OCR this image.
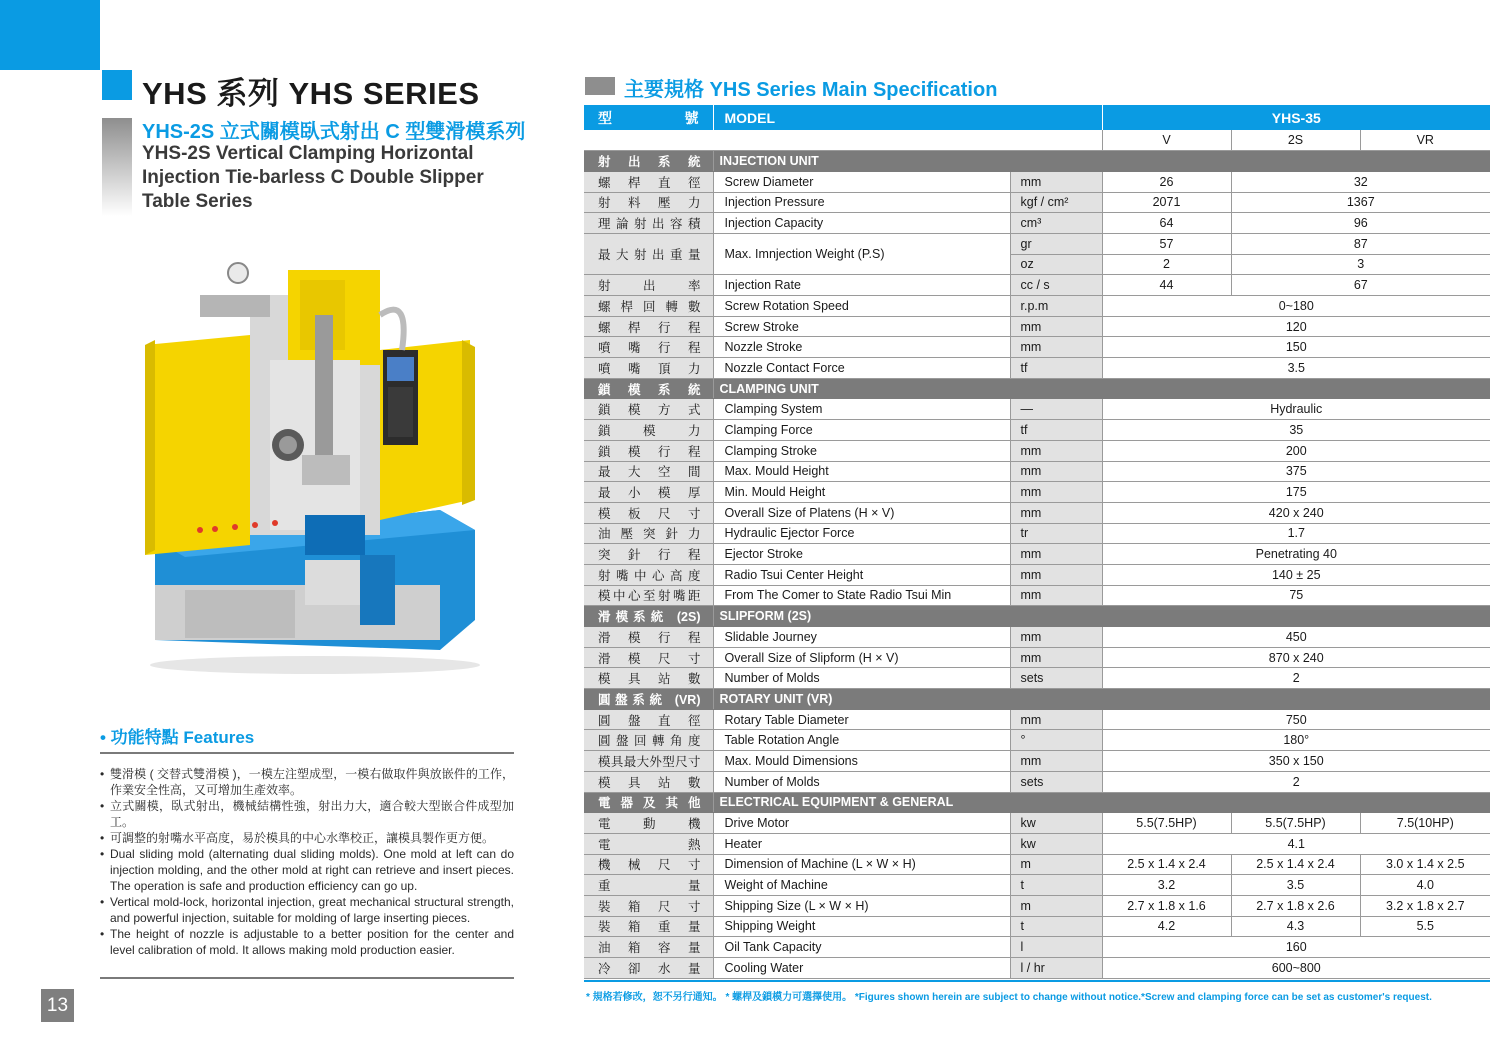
YHS 系列 YHS SERIES
YHS-2S 立式關模臥式射出 C 型雙滑模系列
YHS-2S Vertical Clamping Horizontal Injection Tie-barless C Double Slipper Table Series
• 功能特點 Features
• 雙滑模 ( 交替式雙滑模 )，一模左注塑成型，一模右做取件與放嵌件的工作，作業安全性高，又可增加生產效率。
• 立式關模，臥式射出，機械結構性強，射出力大，適合較大型嵌合件成型加工。
• 可調整的射嘴水平高度，易於模具的中心水準校正，讓模具製作更方便。
• Dual sliding mold (alternating dual sliding molds). One mold at left can do injection molding, and the other mold at right can retrieve and insert pieces. The operation is safe and production efficiency can go up.
• Vertical mold-lock, horizontal injection, great mechanical structural strength, and powerful injection, suitable for molding of large inserting pieces.
• The height of nozzle is adjustable to a better position for the center and level calibration of mold. It allows making mold production easier.
13
主要規格 YHS Series Main Specification
型 號	MODEL		YHS-35		
			V	2S	VR
射 出 系 統	INJECTION UNIT				
螺 桿 直 徑	Screw Diameter	mm	26	32	
射 料 壓 力	Injection Pressure	kgf / cm²	2071	1367	
理論射出容積	Injection Capacity	cm³	64	96	
最大射出重量	Max. Imnjection Weight (P.S)	gr	57	87	
		oz	2	3	
射 出 率	Injection Rate	cc / s	44	67	
螺桿回轉數	Screw Rotation Speed	r.p.m	0~180		
螺 桿 行 程	Screw Stroke	mm	120		
噴 嘴 行 程	Nozzle Stroke	mm	150		
噴 嘴 頂 力	Nozzle Contact Force	tf	3.5		
鎖 模 系 統	CLAMPING UNIT				
鎖 模 方 式	Clamping System	—	Hydraulic		
鎖 模 力	Clamping Force	tf	35		
鎖 模 行 程	Clamping Stroke	mm	200		
最 大 空 間	Max. Mould Height	mm	375		
最 小 模 厚	Min. Mould Height	mm	175		
模 板 尺 寸	Overall Size of Platens (H × V)	mm	420 x 240		
油壓突針力	Hydraulic Ejector Force	tr	1.7		
突 針 行 程	Ejector Stroke	mm	Penetrating 40		
射嘴中心高度	Radio Tsui Center Height	mm	140 ± 25		
模中心至射嘴距	From The Comer to State Radio Tsui Min	mm	75		
滑模系統 (2S)	SLIPFORM (2S)				
滑 模 行 程	Slidable Journey	mm	450		
滑 模 尺 寸	Overall Size of Slipform (H × V)	mm	870 x 240		
模 具 站 數	Number of Molds	sets	2		
圓盤系統 (VR)	ROTARY UNIT (VR)				
圓 盤 直 徑	Rotary Table Diameter	mm	750		
圓盤回轉角度	Table Rotation Angle	°	180°		
模具最大外型尺寸	Max. Mould Dimensions	mm	350 x 150		
模 具 站 數	Number of Molds	sets	2		
電 器 及 其 他	ELECTRICAL EQUIPMENT & GENERAL				
電 動 機	Drive Motor	kw	5.5(7.5HP)	5.5(7.5HP)	7.5(10HP)
電 熱	Heater	kw	4.1		
機 械 尺 寸	Dimension of Machine (L × W × H)	m	2.5 x 1.4 x 2.4	2.5 x 1.4 x 2.4	3.0 x 1.4 x 2.5
重 量	Weight of Machine	t	3.2	3.5	4.0
裝 箱 尺 寸	Shipping Size (L × W × H)	m	2.7 x 1.8 x 1.6	2.7 x 1.8 x 2.6	3.2 x 1.8 x 2.7
裝 箱 重 量	Shipping Weight	t	4.2	4.3	5.5
油 箱 容 量	Oil Tank Capacity	l	160		
冷 卻 水 量	Cooling Water	l / hr	600~800		
* 規格若修改，恕不另行通知。 * 螺桿及鎖模力可選擇使用。 *Figures shown herein are subject to change without notice.*Screw and clamping force can be set as customer's request.
